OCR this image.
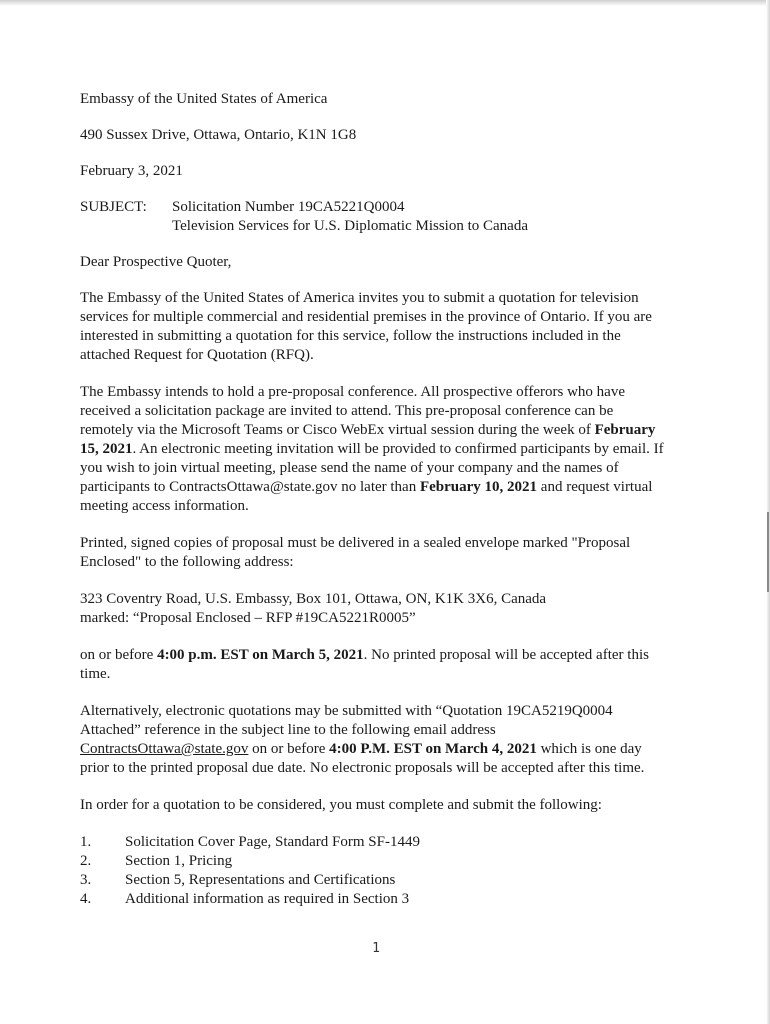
Embassy of the United States of America
490 Sussex Drive, Ottawa, Ontario, K1N 1G8
February 3, 2021
SUBJECT:	Solicitation Number 19CA5221Q0004
Television Services for U.S. Diplomatic Mission to Canada
Dear Prospective Quoter,
The Embassy of the United States of America invites you to submit a quotation for television
services for multiple commercial and residential premises in the province of Ontario. If you are
interested in submitting a quotation for this service, follow the instructions included in the
attached Request for Quotation (RFQ).
The Embassy intends to hold a pre-proposal conference. All prospective offerors who have
received a solicitation package are invited to attend. This pre-proposal conference can be
remotely via the Microsoft Teams or Cisco WebEx virtual session during the week of February
15, 2021. An electronic meeting invitation will be provided to confirmed participants by email. If
you wish to join virtual meeting, please send the name of your company and the names of
participants to ContractsOttawa@state.gov no later than February 10, 2021 and request virtual
meeting access information.
Printed, signed copies of proposal must be delivered in a sealed envelope marked "Proposal
Enclosed" to the following address:
323 Coventry Road, U.S. Embassy, Box 101, Ottawa, ON, K1K 3X6, Canada
marked: “Proposal Enclosed – RFP #19CA5221R0005”
on or before 4:00 p.m. EST on March 5, 2021. No printed proposal will be accepted after this
time.
Alternatively, electronic quotations may be submitted with “Quotation 19CA5219Q0004
Attached” reference in the subject line to the following email address
ContractsOttawa@state.gov on or before 4:00 P.M. EST on March 4, 2021 which is one day
prior to the printed proposal due date. No electronic proposals will be accepted after this time.
In order for a quotation to be considered, you must complete and submit the following:
1.	Solicitation Cover Page, Standard Form SF-1449
2.	Section 1, Pricing
3.	Section 5, Representations and Certifications
4.	Additional information as required in Section 3
1
